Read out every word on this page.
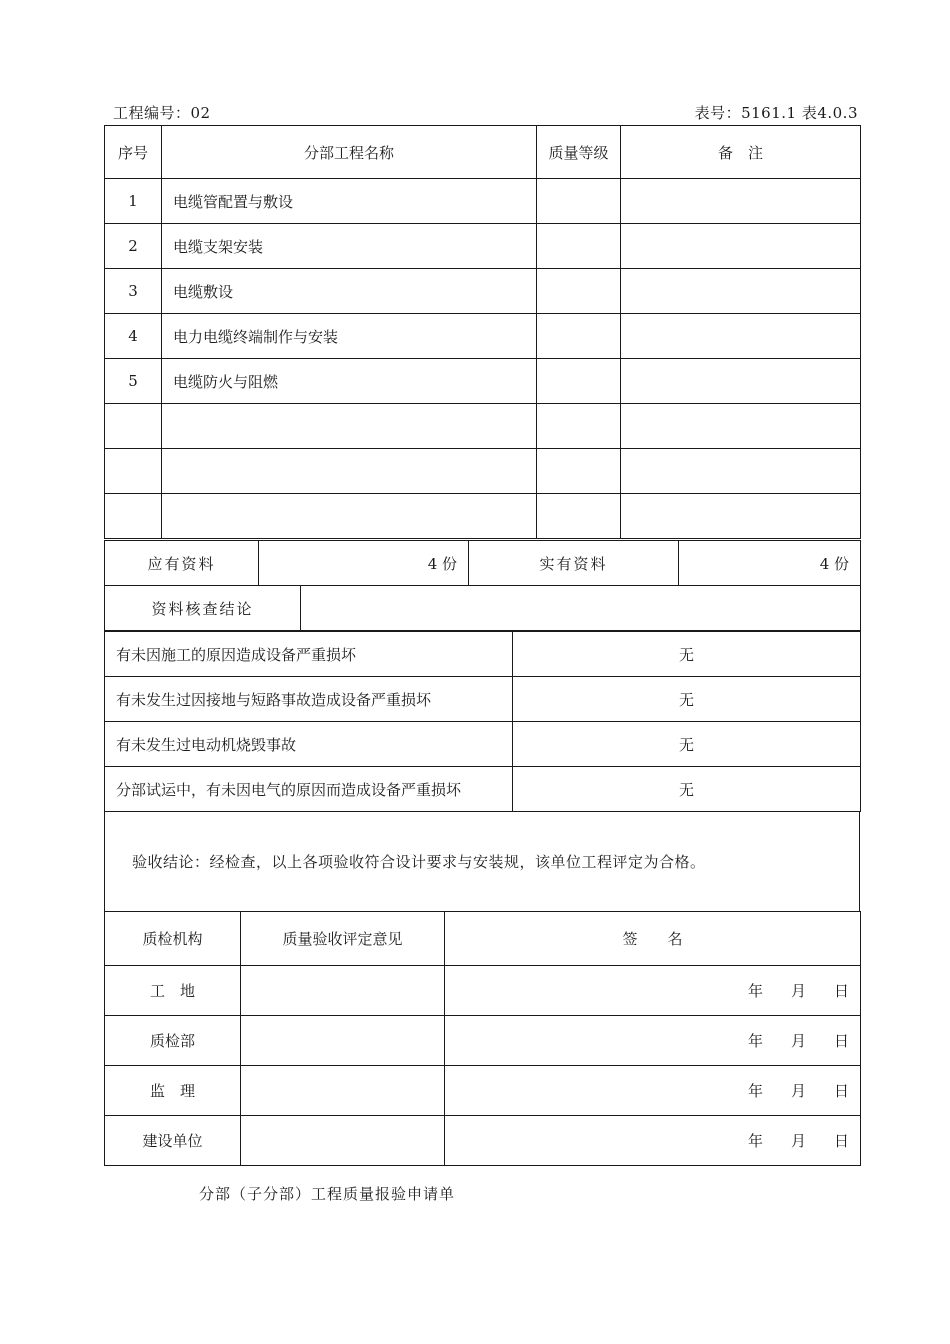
工程编号：02	表号：5161.1 表4.0.3
序号	分部工程名称	质量等级	备　注
1	电缆管配置与敷设		
2	电缆支架安装		
3	电缆敷设		
4	电力电缆终端制作与安装		
5	电缆防火与阻燃		

应有资料	4 份	实有资料	4 份
资料核查结论	
有未因施工的原因造成设备严重损坏	无
有未发生过因接地与短路事故造成设备严重损坏	无
有未发生过电动机烧毁事故	无
分部试运中，有未因电气的原因而造成设备严重损坏	无
验收结论：经检查，以上各项验收符合设计要求与安装规，该单位工程评定为合格。
质检机构	质量验收评定意见	签　　名
工　地		年 月 日
质检部		年 月 日
监　理		年 月 日
建设单位		年 月 日
分部（子分部）工程质量报验申请单
